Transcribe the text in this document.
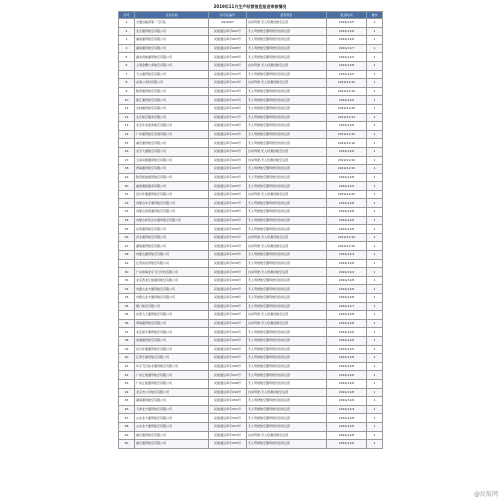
2019年11月生产经营信息报送审核情况
序号	企业名称	许可证编号	经营项目	报送时间	操作
1	交通运输部第一飞行队	29-0007	自动驾驶-无人机测试航空运营	2019/11/5	1
2	北京通用航空有限公司	民航通运审字001号	无人驾驶航空器驾驶员培训运营	2019/11/6	1
3	湖南通用航空有限公司	民航通运审字007号	无人驾驶航空器驾驶员培训运营	2019/11/6	1
4	湖南通用航空有限公司	民航通运审字008号	无人驾驶航空器驾驶员培训运营	2019/11/7	1
5	湖北同威通用航空有限公司	民航通运审字009号	无人驾驶航空器驾驶员培训运营	2019/11/2	1
6	上海金鹰公务航空有限公司	民航通运审字010号	自动驾驶-无人机测试航空运营	2019/11/8	1
7	天山通用航空有限公司	民航通运审字012号	无人驾驶航空器驾驶员培训运营	2019/11/5	1
8	东海公务机有限公司	民航通运审字013号	自动驾驶-无人机测试航空运营	2019/11/10	1
9	陕西通用航空有限公司	民航通运审字014号	无人驾驶航空器驾驶员培训运营	2019/11/10	1
10	浙江通用航空有限公司	民航通运审字015号	无人驾驶航空器驾驶员培训运营	2019/11/9	1
11	吉林通用航空有限公司	民航通运审字016号	无人驾驶航空器驾驶员培训运营	2019/11/10	1
12	北京航空服务有限公司	民航通运审字017号	无人驾驶航空器驾驶员培训运营	2019/11/12	1
13	北京华龙商务航空有限公司	民航通运审字018号	无人驾驶航空器驾驶员培训运营	2019/11/8	1
14	广东通用航空发展有限公司	民航通运审字019号	无人驾驶航空器驾驶员培训运营	2019/11/10	1
15	重庆通用航空有限公司	民航通运审字020号	无人驾驶航空器驾驶员培训运营	2019/11/10	1
16	北京大通航空有限公司	民航通运审字021号	自动驾驶-无人机测试航空运营	2019/11/6	1
17	云南凤翔通用航空有限公司	民航通运审字022号	自动驾驶-无人机测试航空运营	2019/11/10	1
18	青海通用航空有限公司	民航通运审字023号	无人驾驶航空器驾驶员培训运营	2019/11/10	1
19	陕西凯旋通用航空有限公司	民航通运审字024号	无人驾驶航空器驾驶员培训运营	2019/11/8	1
20	福建通航服务有限公司	民航通运审字025号	无人驾驶航空器驾驶员培训运营	2019/11/9	1
21	四川华通通用航空有限公司	民航通运审字026号	自动驾驶-无人机测试航空运营	2019/11/20	1
22	内蒙古华宇通用航空有限公司	民航通运审字027号	无人驾驶航空器驾驶员培训运营	2019/11/8	1
23	内蒙古西部通用航空有限公司	民航通运审字028号	无人驾驶航空器驾驶员培训运营	2019/11/8	1
24	内蒙古呼伦贝尔通用航空有限公司	民航通运审字029号	无人驾驶航空器驾驶员培训运营	2019/11/8	1
25	东营通用航空有限公司	民航通运审字030号	无人驾驶航空器驾驶员培训运营	2019/11/8	1
26	河北通用航空有限公司	民航通运审字031号	自动驾驶-无人机测试航空运营	2019/11/10	1
27	湖南通用航空有限公司	民航通运审字032号	自动驾驶-无人机测试航空运营	2019/11/10	1
28	内蒙古通用航空有限公司	民航通运审字033号	无人驾驶航空器驾驶员培训运营	2019/11/4	1
29	江西省农用航空有限公司	民航通运审字034号	无人驾驶航空器驾驶员培训运营	2019/11/8	1
30	广东珠海金字飞行学校有限公司	民航通运审字035号	自动驾驶-无人机测试航空运营	2019/11/4	1
31	北京西北亿航通用航空有限公司	民航通运审字036号	无人驾驶航空器驾驶员培训运营	2019/11/8	1
32	内蒙古北方通用航空有限公司	民航通运审字037号	无人驾驶航空器驾驶员培训运营	2019/11/8	1
33	内蒙古北方通用航空有限公司	民航通运审字038号	无人驾驶航空器驾驶员培训运营	2019/11/8	1
34	厦门航空有限公司	民航通运审字039号	无人驾驶航空器驾驶员培训运营	2019/11/7	1
35	东营九天通用航空有限公司	民航通运审字040号	自动驾驶-无人机测试航空运营	2019/11/8	1
36	青海通用航空有限公司	民航通运审字041号	自动驾驶-无人机测试航空运营	2019/11/8	1
37	北京星宇通用航空有限公司	民航通运审字042号	无人驾驶航空器驾驶员培训运营	2019/11/6	1
38	南通通用航空有限公司	民航通运审字043号	无人驾驶航空器驾驶员培训运营	2019/11/8	1
39	四川华通通用航空有限公司	民航通运审字044号	无人驾驶航空器驾驶员培训运营	2019/11/5	1
40	江西乐通用航空有限公司	民航通运审字045号	无人驾驶航空器驾驶员培训运营	2019/11/8	1
41	华宇飞行技术通用航空有限公司	民航通运审字046号	无人驾驶航空器驾驶员培训运营	2019/11/8	1
42	广东汇航通用航空有限公司	民航通运审字047号	无人驾驶航空器驾驶员培训运营	2019/11/6	1
43	广东汇航通用航空有限公司	民航通运审字048号	无人驾驶航空器驾驶员培训运营	2019/11/6	1
44	北京市公共航空有限公司	民航通运审字049号	自动驾驶-无人机测试航空运营	2019/11/8	1
45	湖南通用航空有限公司	民航通运审字050号	无人驾驶航空器驾驶员培训运营	2019/11/6	1
46	天津北方通用航空有限公司	民航通运审字051号	无人驾驶航空器驾驶员培训运营	2019/11/4	1
47	山东北方通用航空有限公司	民航通运审字052号	无人驾驶航空器驾驶员培训运营	2019/11/8	1
48	山东北方通用航空有限公司	民航通运审字053号	无人驾驶航空器驾驶员培训运营	2019/11/6	1
49	重庆通用航空有限公司	民航通运审字054号	自动驾驶-无人机测试航空运营	2019/11/8	1
50	重庆通用航空有限公司	民航通运审字055号	无人驾驶航空器驾驶员培训运营	2019/11/6	1
@民航网
